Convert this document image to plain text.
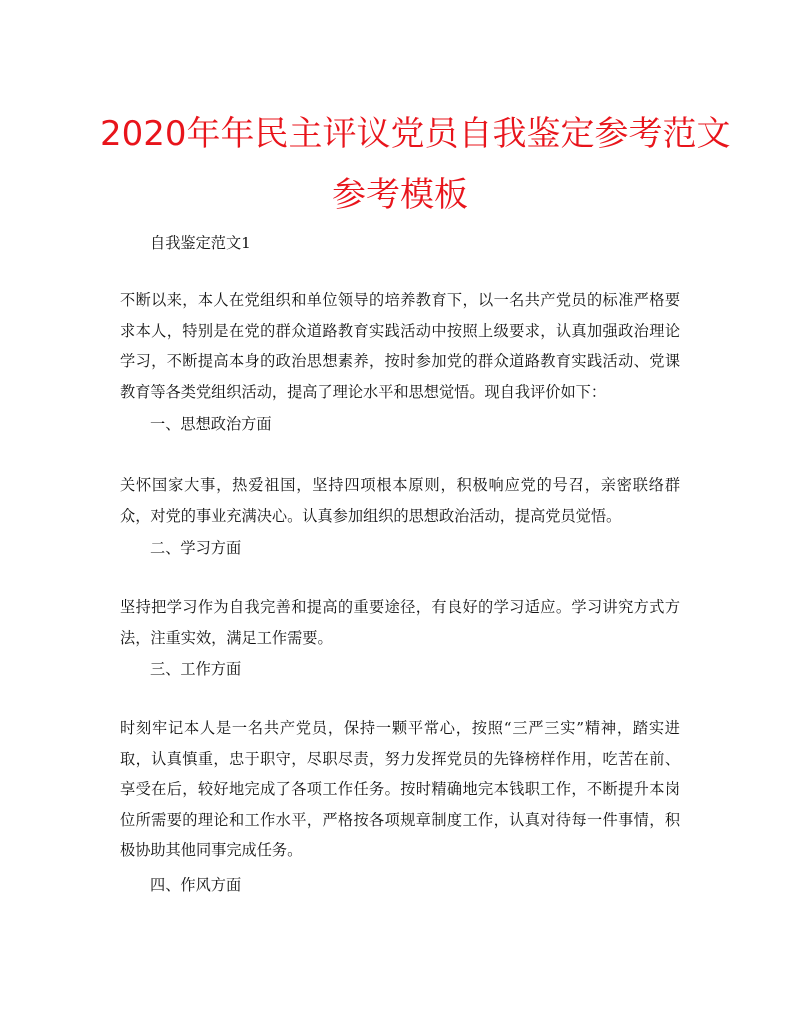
2020年年民主评议党员自我鉴定参考范文
参考模板
自我鉴定范文1
不断以来，本人在党组织和单位领导的培养教育下，以一名共产党员的标准严格要求本人，特别是在党的群众道路教育实践活动中按照上级要求，认真加强政治理论学习，不断提高本身的政治思想素养，按时参加党的群众道路教育实践活动、党课教育等各类党组织活动，提高了理论水平和思想觉悟。现自我评价如下：
一、思想政治方面
关怀国家大事，热爱祖国，坚持四项根本原则，积极响应党的号召，亲密联络群众，对党的事业充满决心。认真参加组织的思想政治活动，提高党员觉悟。
二、学习方面
坚持把学习作为自我完善和提高的重要途径，有良好的学习适应。学习讲究方式方法，注重实效，满足工作需要。
三、工作方面
时刻牢记本人是一名共产党员，保持一颗平常心，按照“三严三实”精神，踏实进取，认真慎重，忠于职守，尽职尽责，努力发挥党员的先锋榜样作用，吃苦在前、享受在后，较好地完成了各项工作任务。按时精确地完本钱职工作，不断提升本岗位所需要的理论和工作水平，严格按各项规章制度工作，认真对待每一件事情，积极协助其他同事完成任务。
四、作风方面
